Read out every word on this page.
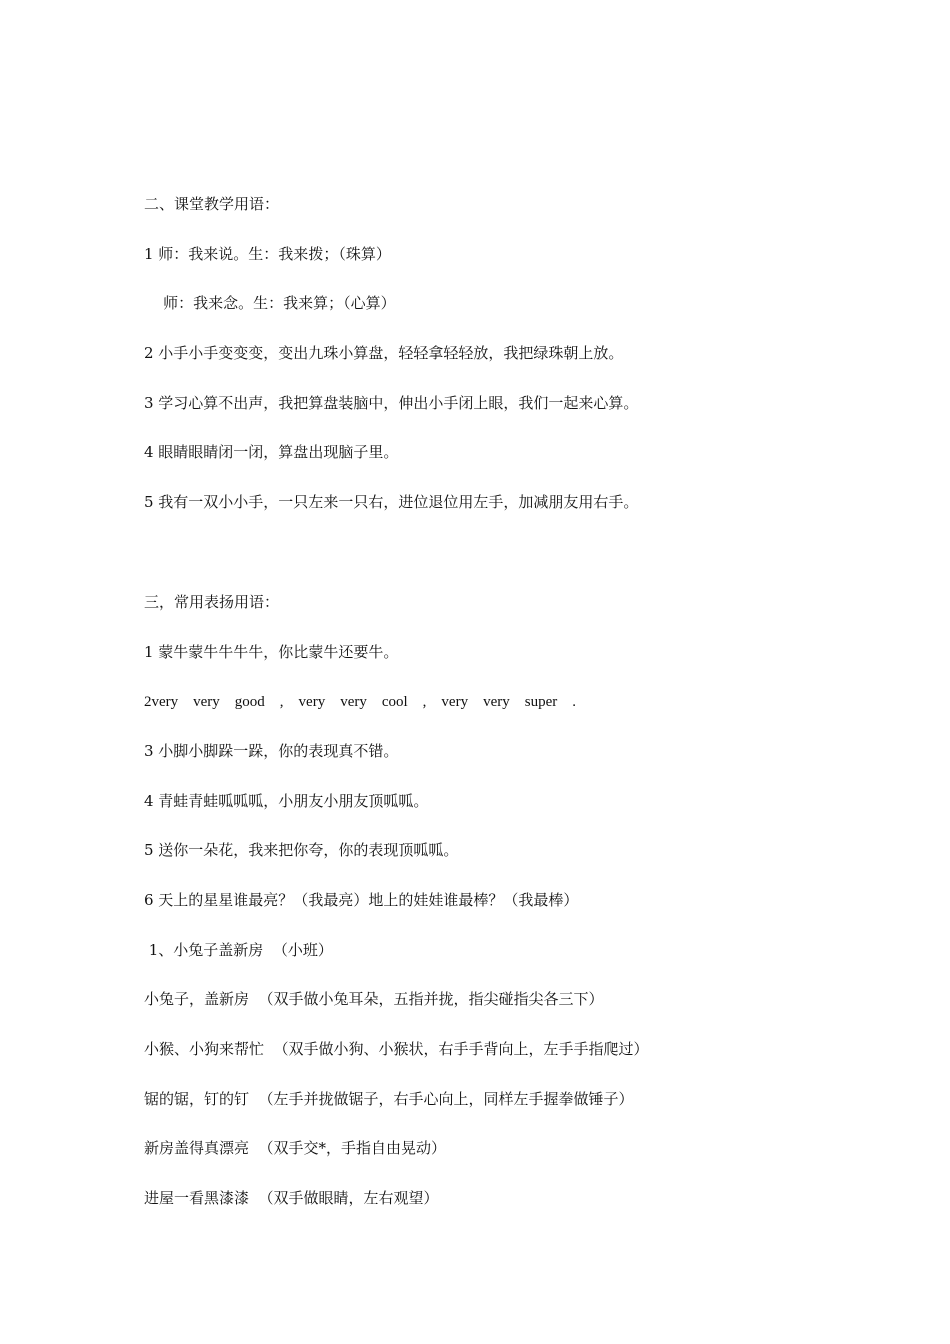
二、课堂教学用语：
1 师：我来说。生：我来拨；（珠算）
师：我来念。生：我来算；（心算）
2 小手小手变变变，变出九珠小算盘，轻轻拿轻轻放，我把绿珠朝上放。
3 学习心算不出声，我把算盘装脑中，伸出小手闭上眼，我们一起来心算。
4 眼睛眼睛闭一闭，算盘出现脑子里。
5 我有一双小小手，一只左来一只右，进位退位用左手，加减朋友用右手。
三，常用表扬用语：
1 蒙牛蒙牛牛牛牛，你比蒙牛还要牛。
2very    very    good    ,    very    very    cool    ,    very    very    super    .
3 小脚小脚跺一跺，你的表现真不错。
4 青蛙青蛙呱呱呱，小朋友小朋友顶呱呱。
5 送你一朵花，我来把你夸，你的表现顶呱呱。
6 天上的星星谁最亮？（我最亮）地上的娃娃谁最棒？（我最棒）
1、小兔子盖新房  （小班）
小兔子，盖新房  （双手做小兔耳朵，五指并拢，指尖碰指尖各三下）
小猴、小狗来帮忙  （双手做小狗、小猴状，右手手背向上，左手手指爬过）
锯的锯，钉的钉  （左手并拢做锯子，右手心向上，同样左手握拳做锤子）
新房盖得真漂亮  （双手交*，手指自由晃动）
进屋一看黑漆漆  （双手做眼睛，左右观望）
